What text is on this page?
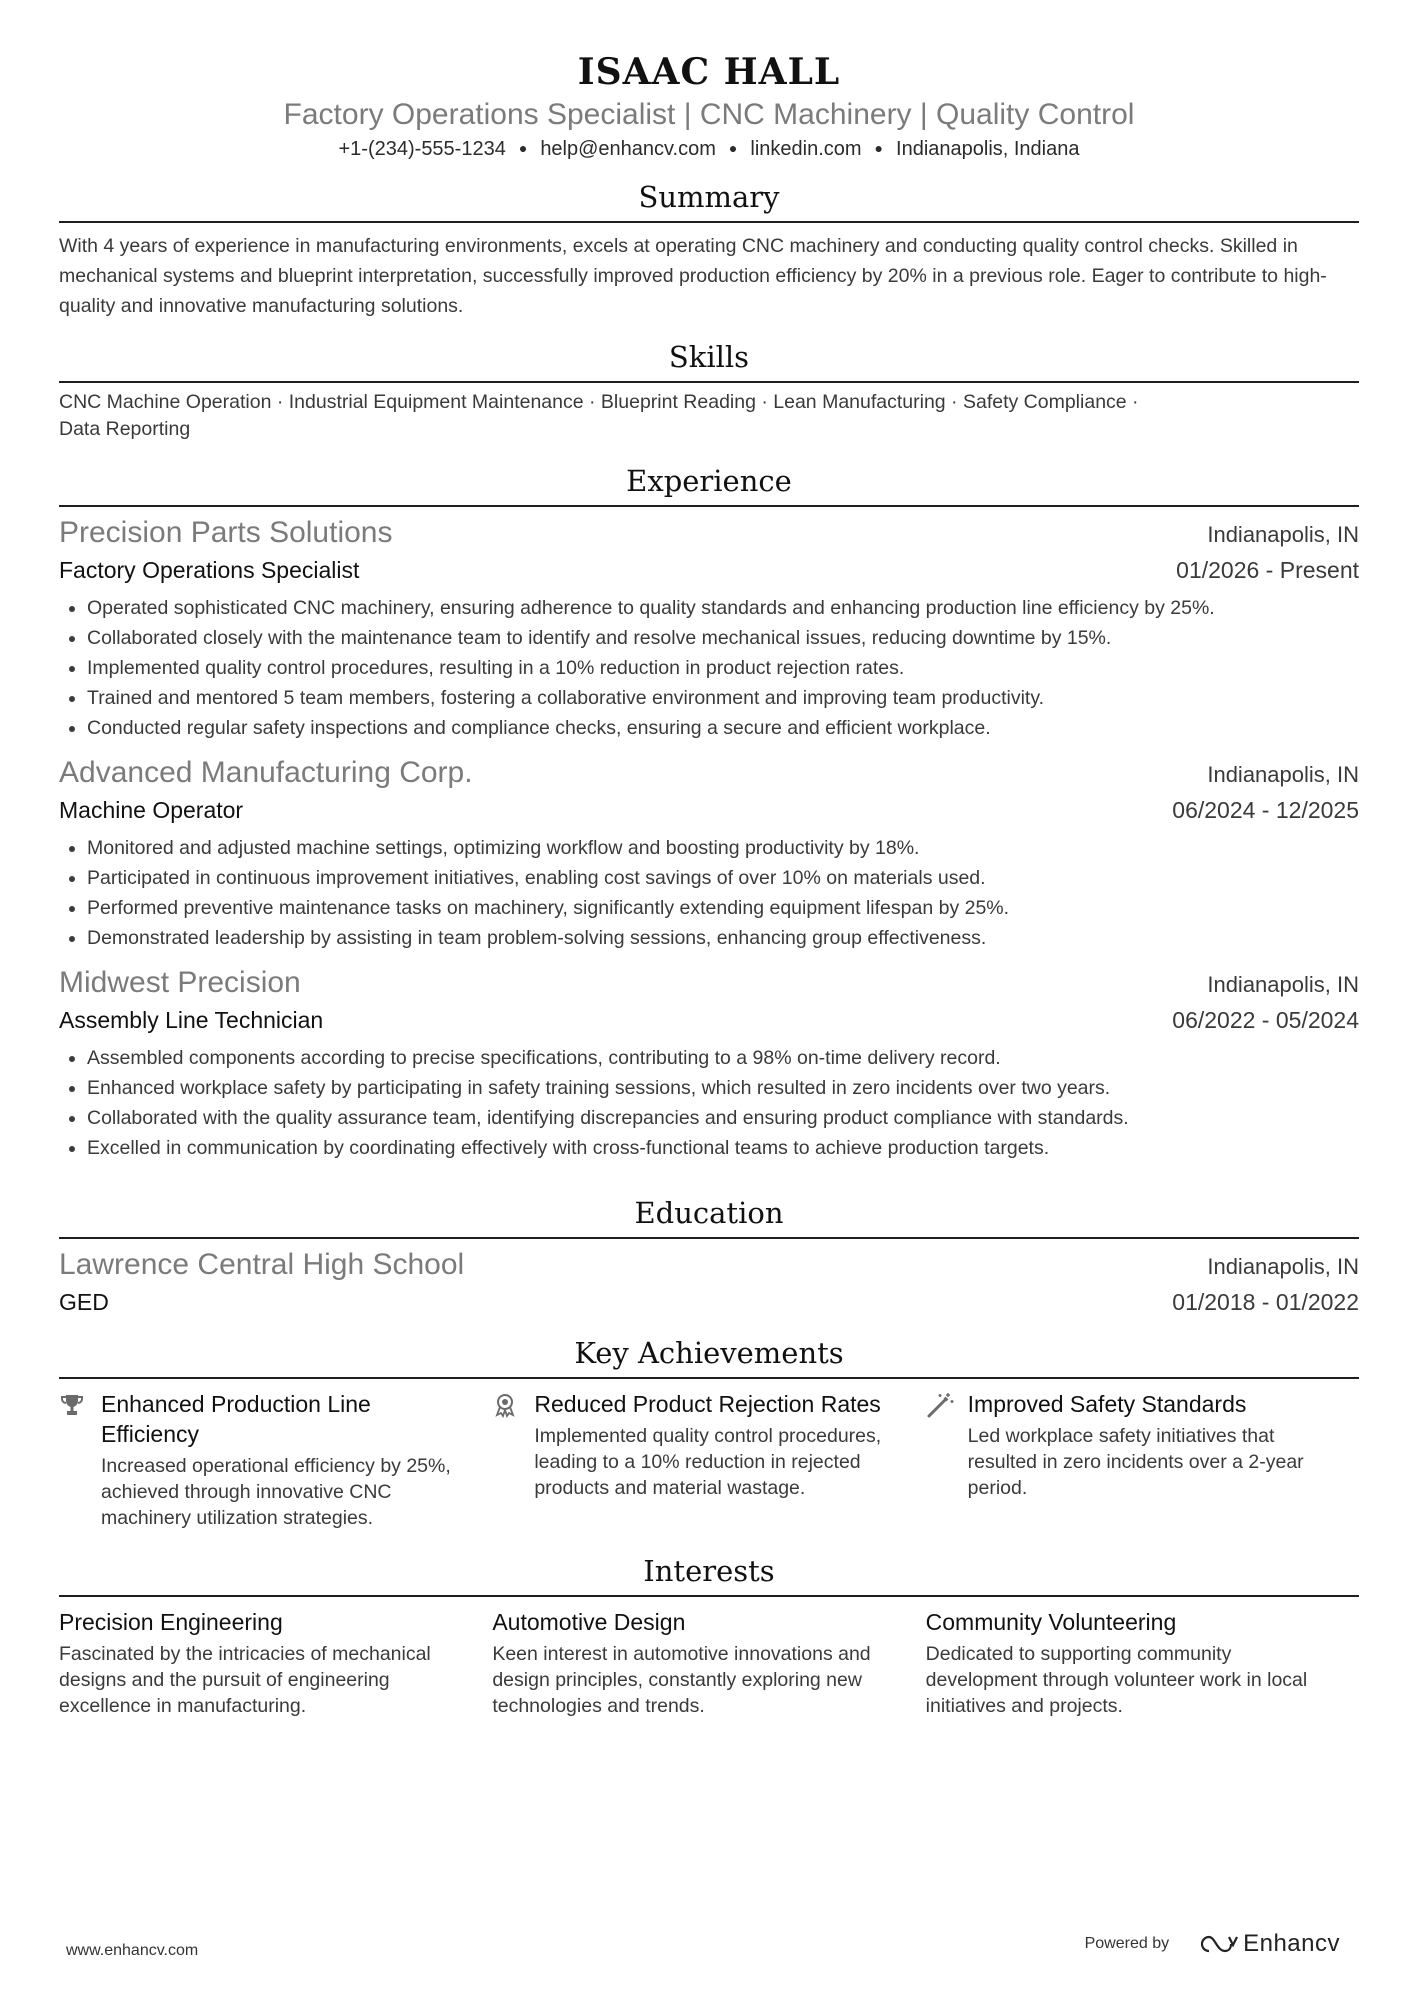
ISAAC HALL
Factory Operations Specialist | CNC Machinery | Quality Control
+1-(234)-555-1234 ● help@enhancv.com ● linkedin.com ● Indianapolis, Indiana
Summary
With 4 years of experience in manufacturing environments, excels at operating CNC machinery and conducting quality control checks. Skilled in mechanical systems and blueprint interpretation, successfully improved production efficiency by 20% in a previous role. Eager to contribute to high-quality and innovative manufacturing solutions.
Skills
CNC Machine Operation · Industrial Equipment Maintenance · Blueprint Reading · Lean Manufacturing · Safety Compliance ·
Data Reporting
Experience
Precision Parts Solutions	Indianapolis, IN
Factory Operations Specialist	01/2026 - Present
• Operated sophisticated CNC machinery, ensuring adherence to quality standards and enhancing production line efficiency by 25%.
• Collaborated closely with the maintenance team to identify and resolve mechanical issues, reducing downtime by 15%.
• Implemented quality control procedures, resulting in a 10% reduction in product rejection rates.
• Trained and mentored 5 team members, fostering a collaborative environment and improving team productivity.
• Conducted regular safety inspections and compliance checks, ensuring a secure and efficient workplace.
Advanced Manufacturing Corp.	Indianapolis, IN
Machine Operator	06/2024 - 12/2025
• Monitored and adjusted machine settings, optimizing workflow and boosting productivity by 18%.
• Participated in continuous improvement initiatives, enabling cost savings of over 10% on materials used.
• Performed preventive maintenance tasks on machinery, significantly extending equipment lifespan by 25%.
• Demonstrated leadership by assisting in team problem-solving sessions, enhancing group effectiveness.
Midwest Precision	Indianapolis, IN
Assembly Line Technician	06/2022 - 05/2024
• Assembled components according to precise specifications, contributing to a 98% on-time delivery record.
• Enhanced workplace safety by participating in safety training sessions, which resulted in zero incidents over two years.
• Collaborated with the quality assurance team, identifying discrepancies and ensuring product compliance with standards.
• Excelled in communication by coordinating effectively with cross-functional teams to achieve production targets.
Education
Lawrence Central High School	Indianapolis, IN
GED	01/2018 - 01/2022
Key Achievements
Enhanced Production Line Efficiency
Increased operational efficiency by 25%, achieved through innovative CNC machinery utilization strategies.
Reduced Product Rejection Rates
Implemented quality control procedures, leading to a 10% reduction in rejected products and material wastage.
Improved Safety Standards
Led workplace safety initiatives that resulted in zero incidents over a 2-year period.
Interests
Precision Engineering
Fascinated by the intricacies of mechanical designs and the pursuit of engineering excellence in manufacturing.
Automotive Design
Keen interest in automotive innovations and design principles, constantly exploring new technologies and trends.
Community Volunteering
Dedicated to supporting community development through volunteer work in local initiatives and projects.
www.enhancv.com	Powered by	Enhancv
